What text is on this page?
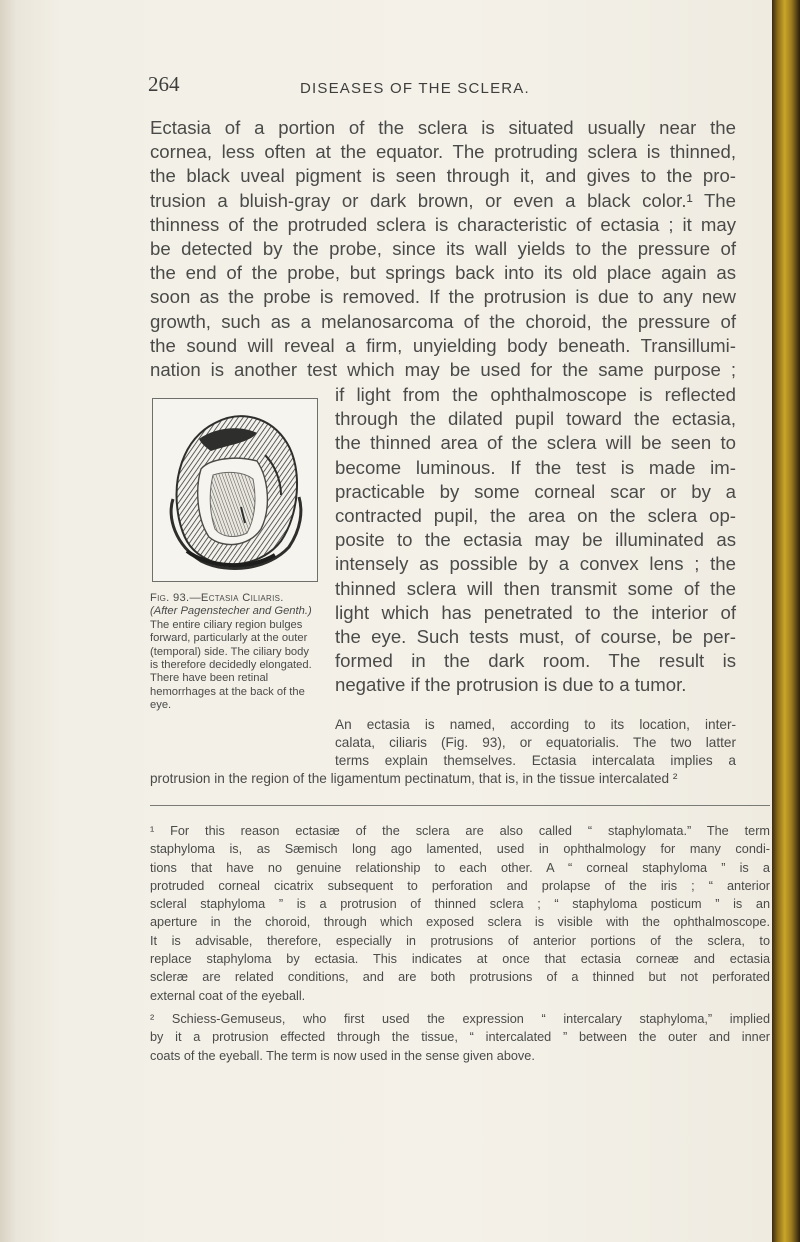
264	DISEASES OF THE SCLERA.
Ectasia of a portion of the sclera is situated usually near the
cornea, less often at the equator. The protruding sclera is thinned,
the black uveal pigment is seen through it, and gives to the pro-
trusion a bluish-gray or dark brown, or even a black color.¹ The
thinness of the protruded sclera is characteristic of ectasia ; it may
be detected by the probe, since its wall yields to the pressure of
the end of the probe, but springs back into its old place again as
soon as the probe is removed. If the protrusion is due to any new
growth, such as a melanosarcoma of the choroid, the pressure of
the sound will reveal a firm, unyielding body beneath. Transillumi-
nation is another test which may be used for the same purpose ;
if light from the ophthalmoscope is reflected
through the dilated pupil toward the ectasia,
the thinned area of the sclera will be seen to
become luminous. If the test is made im-
practicable by some corneal scar or by a
contracted pupil, the area on the sclera op-
posite to the ectasia may be illuminated as
intensely as possible by a convex lens ; the
thinned sclera will then transmit some of the
light which has penetrated to the interior of
the eye. Such tests must, of course, be per-
formed in the dark room. The result is
negative if the protrusion is due to a tumor.
Fig. 93.—Ectasia Ciliaris.
(After Pagenstecher and Genth.)
The entire ciliary region bulges forward, particularly at the outer (temporal) side. The ciliary body is therefore decidedly elongated. There have been retinal hemorrhages at the back of the eye.
An ectasia is named, according to its location, inter-
calata, ciliaris (Fig. 93), or equatorialis. The two latter
terms explain themselves. Ectasia intercalata implies a
protrusion in the region of the ligamentum pectinatum, that is, in the tissue intercalated ²
¹ For this reason ectasiæ of the sclera are also called “ staphylomata.” The term
staphyloma is, as Sæmisch long ago lamented, used in ophthalmology for many condi-
tions that have no genuine relationship to each other. A “ corneal staphyloma ” is a
protruded corneal cicatrix subsequent to perforation and prolapse of the iris ; “ anterior
scleral staphyloma ” is a protrusion of thinned sclera ; “ staphyloma posticum ” is an
aperture in the choroid, through which exposed sclera is visible with the ophthalmoscope.
It is advisable, therefore, especially in protrusions of anterior portions of the sclera, to
replace staphyloma by ectasia. This indicates at once that ectasia corneæ and ectasia
scleræ are related conditions, and are both protrusions of a thinned but not perforated
external coat of the eyeball.
² Schiess-Gemuseus, who first used the expression “ intercalary staphyloma,” implied
by it a protrusion effected through the tissue, “ intercalated ” between the outer and inner
coats of the eyeball. The term is now used in the sense given above.
